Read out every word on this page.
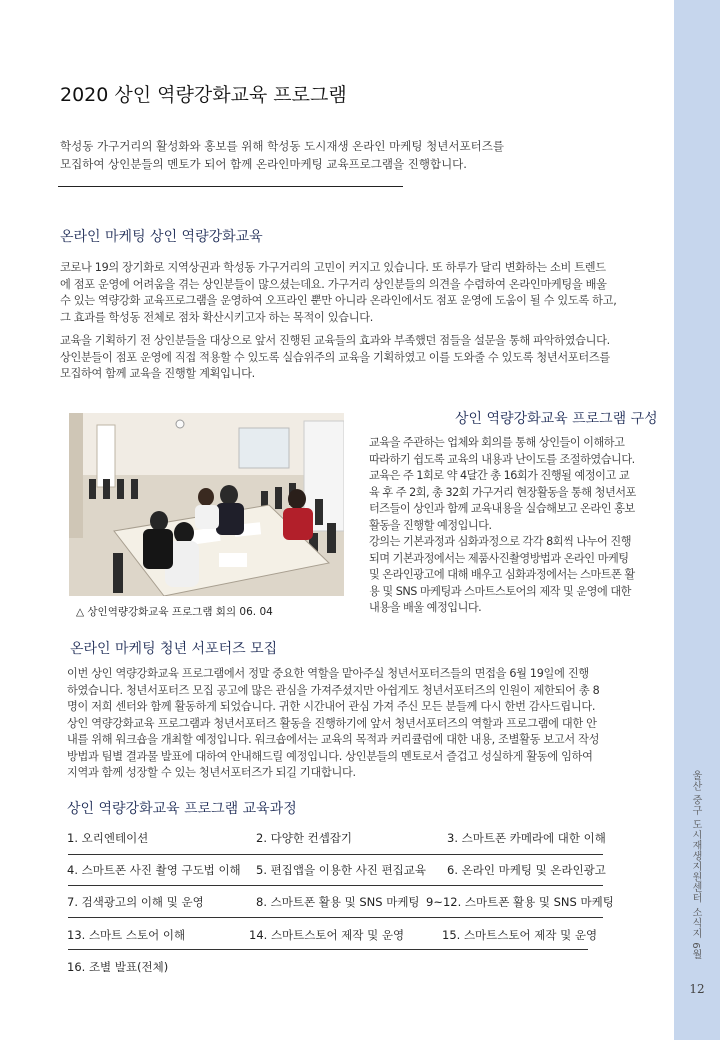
울산 중구 도시재생지원센터 소식지 6월
12
2020 상인 역량강화교육 프로그램
학성동 가구거리의 활성화와 홍보를 위해 학성동 도시재생 온라인 마케팅 청년서포터즈를
모집하여 상인분들의 멘토가 되어 함께 온라인마케팅 교육프로그램을 진행합니다.
온라인 마케팅 상인 역량강화교육
코로나 19의 장기화로 지역상권과 학성동 가구거리의 고민이 커지고 있습니다. 또 하루가 달리 변화하는 소비 트렌드
에 점포 운영에 어려움을 겪는 상인분들이 많으셨는데요. 가구거리 상인분들의 의견을 수렴하여 온라인마케팅을 배울
수 있는 역량강화 교육프로그램을 운영하여 오프라인 뿐만 아니라 온라인에서도 점포 운영에 도움이 될 수 있도록 하고,
그 효과를 학성동 전체로 점차 확산시키고자 하는 목적이 있습니다.
교육을 기획하기 전 상인분들을 대상으로 앞서 진행된 교육들의 효과와 부족했던 점들을 설문을 통해 파악하였습니다.
상인분들이 점포 운영에 직접 적용할 수 있도록 실습위주의 교육을 기획하였고 이를 도와줄 수 있도록 청년서포터즈를
모집하여 함께 교육을 진행할 계획입니다.
△ 상인역량강화교육 프로그램 회의 06. 04
상인 역량강화교육 프로그램 구성
교육을 주관하는 업체와 회의를 통해 상인들이 이해하고
따라하기 쉽도록 교육의 내용과 난이도를 조절하였습니다.
교육은 주 1회로 약 4달간 총 16회가 진행될 예정이고 교
육 후 주 2회, 총 32회 가구거리 현장활동을 통해 청년서포
터즈들이 상인과 함께 교육내용을 실습해보고 온라인 홍보
활동을 진행할 예정입니다.
강의는 기본과정과 심화과정으로 각각 8회씩 나누어 진행
되며 기본과정에서는 제품사진촬영방법과 온라인 마케팅
및 온라인광고에 대해 배우고 심화과정에서는 스마트폰 활
용 및 SNS 마케팅과 스마트스토어의 제작 및 운영에 대한
내용을 배울 예정입니다.
온라인 마케팅 청년 서포터즈 모집
이번 상인 역량강화교육 프로그램에서 정말 중요한 역할을 맡아주실 청년서포터즈들의 면접을 6월 19일에 진행
하였습니다. 청년서포터즈 모집 공고에 많은 관심을 가져주셨지만 아쉽게도 청년서포터즈의 인원이 제한되어 총 8
명이 저희 센터와 함께 활동하게 되었습니다. 귀한 시간내어 관심 가져 주신 모든 분들께 다시 한번 감사드립니다.
상인 역량강화교육 프로그램과 청년서포터즈 활동을 진행하기에 앞서 청년서포터즈의 역할과 프로그램에 대한 안
내를 위해 워크숍을 개최할 예정입니다. 워크숍에서는 교육의 목적과 커리큘럼에 대한 내용, 조별활동 보고서 작성
방법과 팀별 결과물 발표에 대하여 안내해드릴 예정입니다. 상인분들의 멘토로서 즐겁고 성실하게 활동에 임하여
지역과 함께 성장할 수 있는 청년서포터즈가 되길 기대합니다.
상인 역량강화교육 프로그램 교육과정
1. 오리엔테이션	2. 다양한 컨셉잡기	3. 스마트폰 카메라에 대한 이해
4. 스마트폰 사진 촬영 구도법 이해 5. 편집앱을 이용한 사진 편집교육 6. 온라인 마케팅 및 온라인광고
7. 검색광고의 이해 및 운영	8. 스마트폰 활용 및 SNS 마케팅 9~12. 스마트폰 활용 및 SNS 마케팅
13. 스마트 스토어 이해	14. 스마트스토어 제작 및 운영	15. 스마트스토어 제작 및 운영
16. 조별 발표(전체)
